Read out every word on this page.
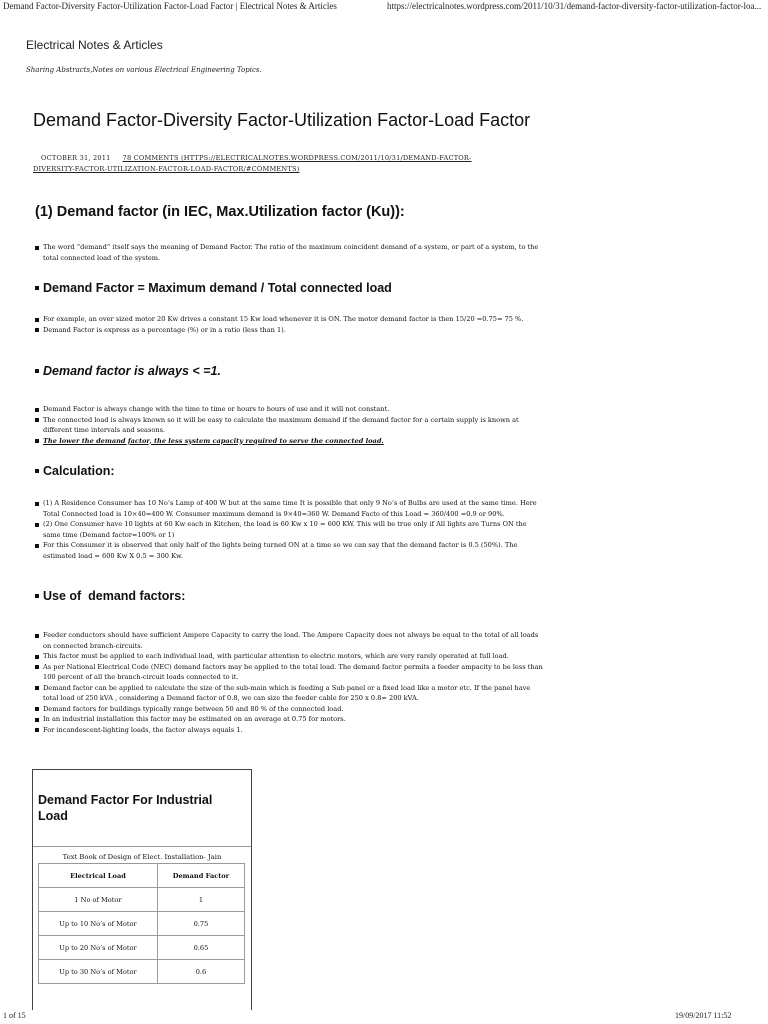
Demand Factor-Diversity Factor-Utilization Factor-Load Factor | Electrical Notes & Articles	https://electricalnotes.wordpress.com/2011/10/31/demand-factor-diversity-factor-utilization-factor-loa...
Electrical Notes & Articles
Sharing Abstracts,Notes on various Electrical Engineering Topics.
Demand Factor-Diversity Factor-Utilization Factor-Load Factor
OCTOBER 31, 2011 78 COMMENTS (HTTPS://ELECTRICALNOTES.WORDPRESS.COM/2011/10/31/DEMAND-FACTOR-
DIVERSITY-FACTOR-UTILIZATION-FACTOR-LOAD-FACTOR/#COMMENTS)
(1) Demand factor (in IEC, Max.Utilization factor (Ku)):
The word “demand” itself says the meaning of Demand Factor. The ratio of the maximum coincident demand of a system, or part of a system, to the total connected load of the system.
Demand Factor = Maximum demand / Total connected load
For example, an over sized motor 20 Kw drives a constant 15 Kw load whenever it is ON. The motor demand factor is then 15/20 =0.75= 75 %.
Demand Factor is express as a percentage (%) or in a ratio (less than 1).
Demand factor is always < =1.
Demand Factor is always change with the time to time or hours to hours of use and it will not constant.
The connected load is always known so it will be easy to calculate the maximum demand if the demand factor for a certain supply is known at different time intervals and seasons.
The lower the demand factor, the less system capacity required to serve the connected load.
Calculation:
(1) A Residence Consumer has 10 No’s Lamp of 400 W but at the same time It is possible that only 9 No’s of Bulbs are used at the same time. Here Total Connected load is 10×40=400 W. Consumer maximum demand is 9×40=360 W. Demand Facto of this Load = 360/400 =0.9 or 90%.
(2) One Consumer have 10 lights at 60 Kw each in Kitchen, the load is 60 Kw x 10 = 600 KW. This will be true only if All lights are Turns ON the same time (Demand factor=100% or 1)
For this Consumer it is observed that only half of the lights being turned ON at a time so we can say that the demand factor is 0.5 (50%). The estimated load = 600 Kw X 0.5 = 300 Kw.
Use of  demand factors:
Feeder conductors should have sufficient Ampere Capacity to carry the load. The Ampere Capacity does not always be equal to the total of all loads on connected branch-circuits.
This factor must be applied to each individual load, with particular attention to electric motors, which are very rarely operated at full load.
As per National Electrical Code (NEC) demand factors may be applied to the total load. The demand factor permits a feeder ampacity to be less than 100 percent of all the branch-circuit loads connected to it.
Demand factor can be applied to calculate the size of the sub-main which is feeding a Sub panel or a fixed load like a motor etc. If the panel have total load of 250 kVA , considering a Demand factor of 0.8, we can size the feeder cable for 250 x 0.8= 200 kVA.
Demand factors for buildings typically range between 50 and 80 % of the connected load.
In an industrial installation this factor may be estimated on an average at 0.75 for motors.
For incandescent-lighting loads, the factor always equals 1.
Demand Factor For Industrial Load
Text Book of Design of Elect. Installation- Jain
Electrical Load	Demand Factor
1 No of Motor	1
Up to 10 No’s of Motor	0.75
Up to 20 No’s of Motor	0.65
Up to 30 No’s of Motor	0.6
1 of 15	19/09/2017 11:52
